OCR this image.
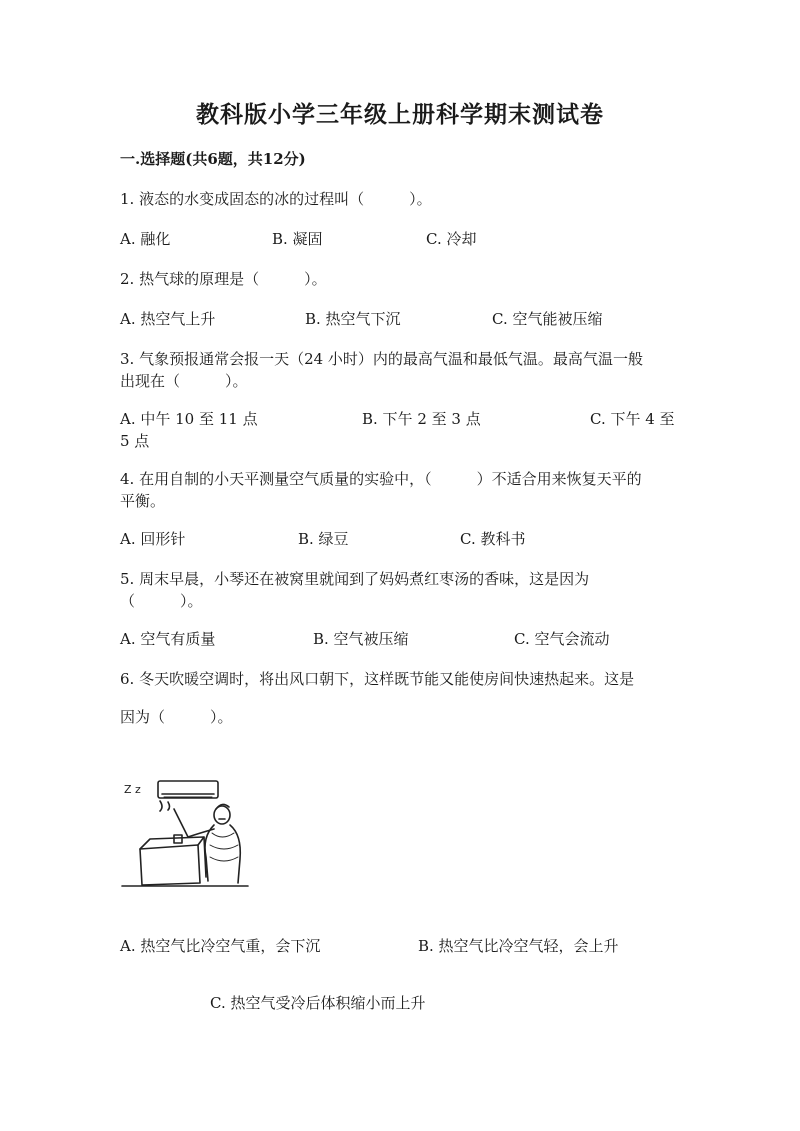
教科版小学三年级上册科学期末测试卷
一.选择题(共6题，共12分)
1. 液态的水变成固态的冰的过程叫（　　　）。
A. 融化	B. 凝固	C. 冷却
2. 热气球的原理是（　　　）。
A. 热空气上升	B. 热空气下沉	C. 空气能被压缩
3. 气象预报通常会报一天（24 小时）内的最高气温和最低气温。最高气温一般
出现在（　　　）。
A. 中午 10 至 11 点	B. 下午 2 至 3 点	C. 下午 4 至
5 点
4. 在用自制的小天平测量空气质量的实验中，（　　　）不适合用来恢复天平的
平衡。
A. 回形针	B. 绿豆	C. 教科书
5. 周末早晨，小琴还在被窝里就闻到了妈妈煮红枣汤的香味，这是因为
（　　　）。
A. 空气有质量	B. 空气被压缩	C. 空气会流动
6. 冬天吹暖空调时，将出风口朝下，这样既节能又能使房间快速热起来。这是
因为（　　　）。
Z z
A. 热空气比冷空气重，会下沉	B. 热空气比冷空气轻，会上升
C. 热空气受冷后体积缩小而上升
